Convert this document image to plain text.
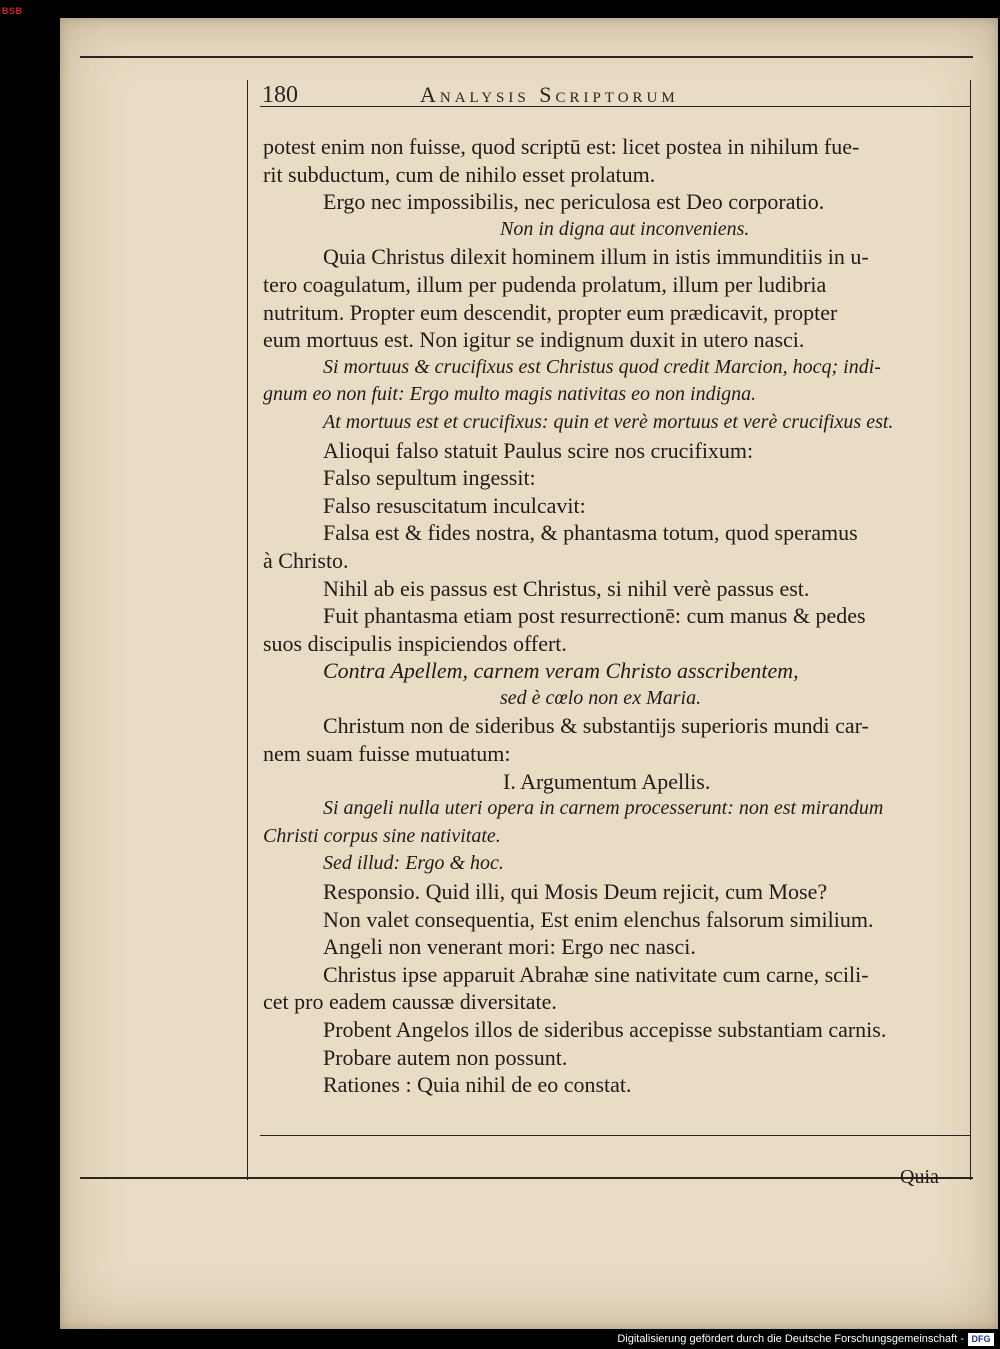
BSB
180	Analysis Scriptorum
potest enim non fuisse, quod scriptū est: licet postea in nihilum fue-
rit subductum, cum de nihilo esset prolatum.
Ergo nec impossibilis, nec periculosa est Deo corporatio.
Non in digna aut inconveniens.
Quia Christus dilexit hominem illum in istis immunditiis in u-
tero coagulatum, illum per pudenda prolatum, illum per ludibria
nutritum. Propter eum descendit, propter eum prædicavit, propter
eum mortuus est. Non igitur se indignum duxit in utero nasci.
Si mortuus & crucifixus est Christus quod credit Marcion, hocq; indi-
gnum eo non fuit: Ergo multo magis nativitas eo non indigna.
At mortuus est et crucifixus: quin et verè mortuus et verè crucifixus est.
Alioqui falso statuit Paulus scire nos crucifixum:
Falso sepultum ingessit:
Falso resuscitatum inculcavit:
Falsa est & fides nostra, & phantasma totum, quod speramus
à Christo.
Nihil ab eis passus est Christus, si nihil verè passus est.
Fuit phantasma etiam post resurrectionē: cum manus & pedes
suos discipulis inspiciendos offert.
Contra Apellem, carnem veram Christo asscribentem,
sed è cœlo non ex Maria.
Christum non de sideribus & substantijs superioris mundi car-
nem suam fuisse mutuatum:
I. Argumentum Apellis.
Si angeli nulla uteri opera in carnem processerunt: non est mirandum
Christi corpus sine nativitate.
Sed illud: Ergo & hoc.
Responsio. Quid illi, qui Mosis Deum rejicit, cum Mose?
Non valet consequentia, Est enim elenchus falsorum similium.
Angeli non venerant mori: Ergo nec nasci.
Christus ipse apparuit Abrahæ sine nativitate cum carne, scili-
cet pro eadem caussæ diversitate.
Probent Angelos illos de sideribus accepisse substantiam carnis.
Probare autem non possunt.
Rationes : Quia nihil de eo constat.
Quia
Digitalisierung gefördert durch die Deutsche Forschungsgemeinschaft - DFG
